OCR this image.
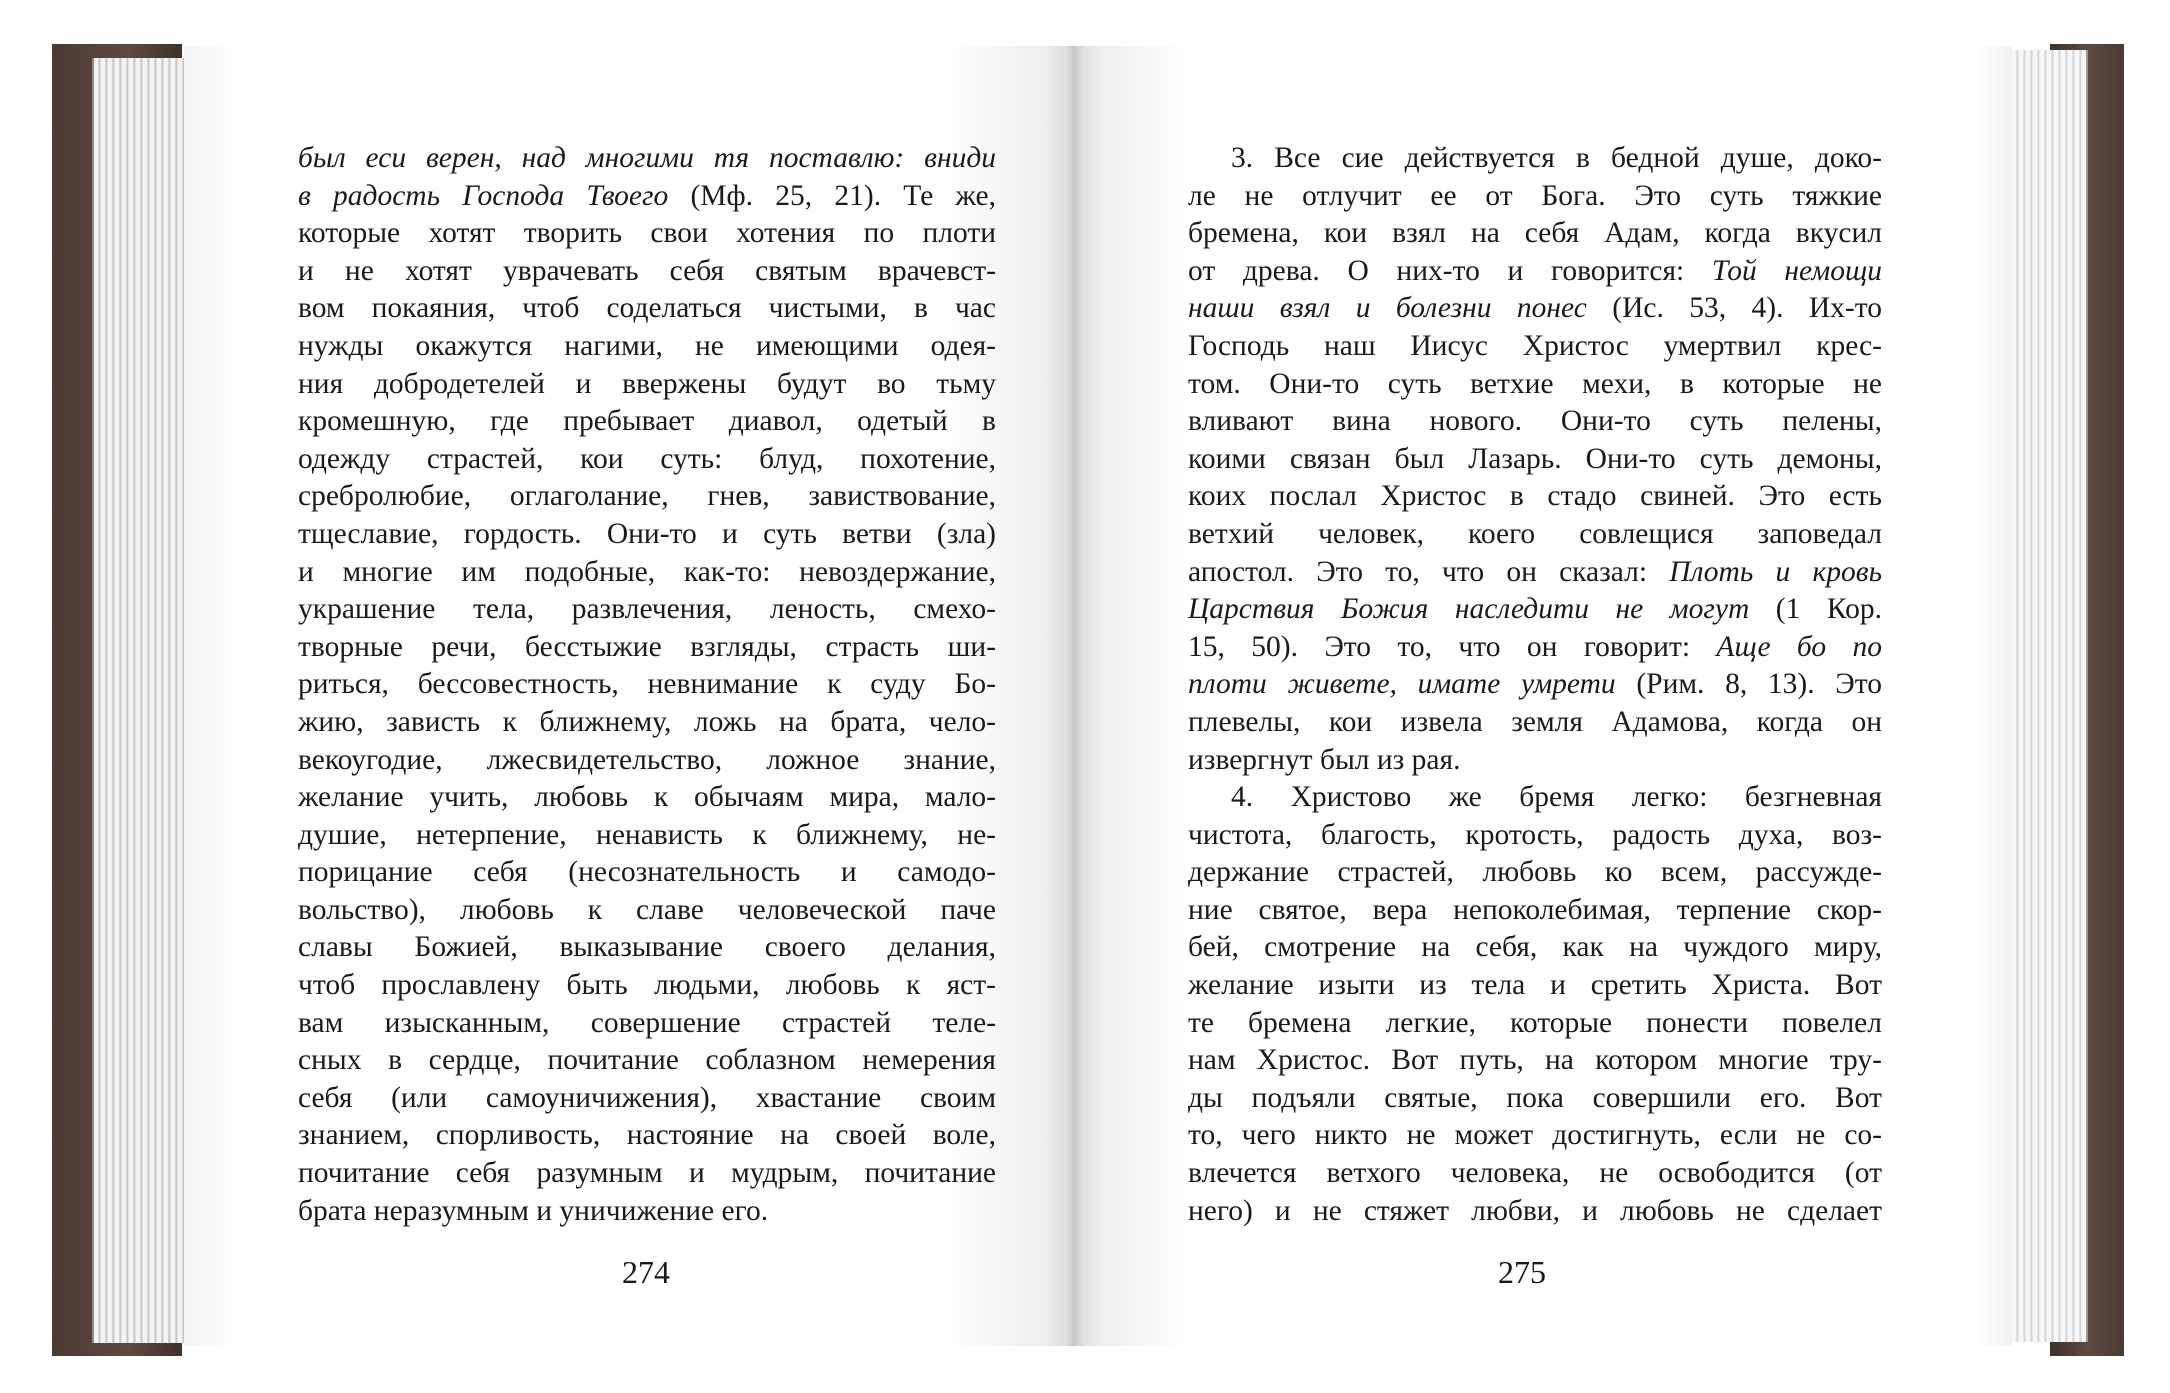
был еси верен, над многими тя поставлю: вниди
в радость Господа Твоего (Мф. 25, 21). Те же,
которые хотят творить свои хотения по плоти
и не хотят уврачевать себя святым врачевст-
вом покаяния, чтоб соделаться чистыми, в час
нужды окажутся нагими, не имеющими одея-
ния добродетелей и ввержены будут во тьму
кромешную, где пребывает диавол, одетый в
одежду страстей, кои суть: блуд, похотение,
сребролюбие, оглаголание, гнев, завиствование,
тщеславие, гордость. Они-то и суть ветви (зла)
и многие им подобные, как-то: невоздержание,
украшение тела, развлечения, леность, смехо-
творные речи, бесстыжие взгляды, страсть ши-
риться, бессовестность, невнимание к суду Бо-
жию, зависть к ближнему, ложь на брата, чело-
векоугодие, лжесвидетельство, ложное знание,
желание учить, любовь к обычаям мира, мало-
душие, нетерпение, ненависть к ближнему, не-
порицание себя (несознательность и самодо-
вольство), любовь к славе человеческой паче
славы Божией, выказывание своего делания,
чтоб прославлену быть людьми, любовь к яст-
вам изысканным, совершение страстей теле-
сных в сердце, почитание соблазном немерения
себя (или самоуничижения), хвастание своим
знанием, спорливость, настояние на своей воле,
почитание себя разумным и мудрым, почитание
брата неразумным и уничижение его.
3. Все сие действуется в бедной душе, доко-
ле не отлучит ее от Бога. Это суть тяжкие
бремена, кои взял на себя Адам, когда вкусил
от древа. О них-то и говорится: Той немощи
наши взял и болезни понес (Ис. 53, 4). Их-то
Господь наш Иисус Христос умертвил крес-
том. Они-то суть ветхие мехи, в которые не
вливают вина нового. Они-то суть пелены,
коими связан был Лазарь. Они-то суть демоны,
коих послал Христос в стадо свиней. Это есть
ветхий человек, коего совлещися заповедал
апостол. Это то, что он сказал: Плоть и кровь
Царствия Божия наследити не могут (1 Кор.
15, 50). Это то, что он говорит: Аще бо по
плоти живете, имате умрети (Рим. 8, 13). Это
плевелы, кои извела земля Адамова, когда он
извергнут был из рая.
4. Христово же бремя легко: безгневная
чистота, благость, кротость, радость духа, воз-
держание страстей, любовь ко всем, рассужде-
ние святое, вера непоколебимая, терпение скор-
бей, смотрение на себя, как на чуждого миру,
желание изыти из тела и сретить Христа. Вот
те бремена легкие, которые понести повелел
нам Христос. Вот путь, на котором многие тру-
ды подъяли святые, пока совершили его. Вот
то, чего никто не может достигнуть, если не со-
влечется ветхого человека, не освободится (от
него) и не стяжет любви, и любовь не сделает
274	275
